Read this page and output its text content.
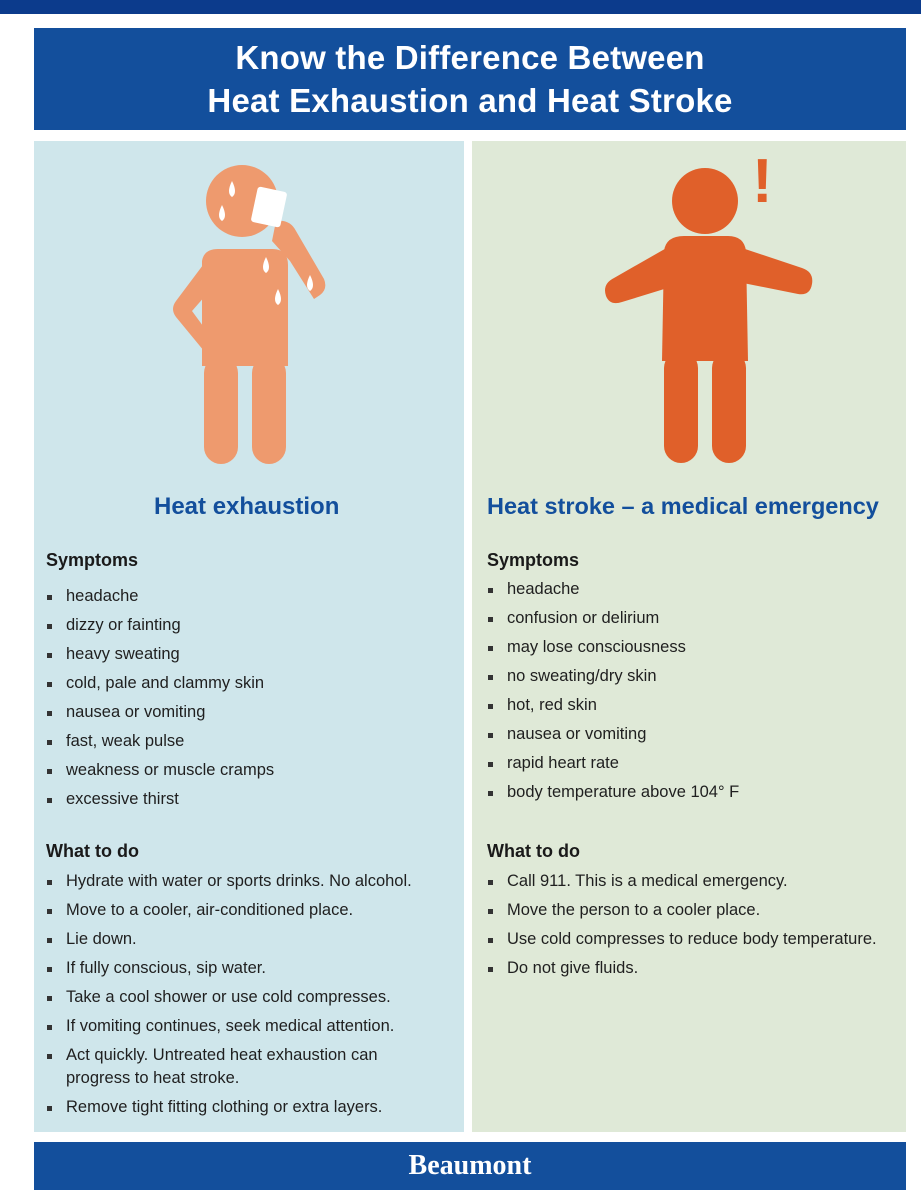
Know the Difference Between
Heat Exhaustion and Heat Stroke
Heat exhaustion
Symptoms
headache
dizzy or fainting
heavy sweating
cold, pale and clammy skin
nausea or vomiting
fast, weak pulse
weakness or muscle cramps
excessive thirst
What to do
Hydrate with water or sports drinks. No alcohol.
Move to a cooler, air-conditioned place.
Lie down.
If fully conscious, sip water.
Take a cool shower or use cold compresses.
If vomiting continues, seek medical attention.
Act quickly. Untreated heat exhaustion can progress to heat stroke.
Remove tight fitting clothing or extra layers.
!
Heat stroke – a medical emergency
Symptoms
headache
confusion or delirium
may lose consciousness
no sweating/dry skin
hot, red skin
nausea or vomiting
rapid heart rate
body temperature above 104° F
What to do
Call 911. This is a medical emergency.
Move the person to a cooler place.
Use cold compresses to reduce body temperature.
Do not give fluids.
Beaumont
